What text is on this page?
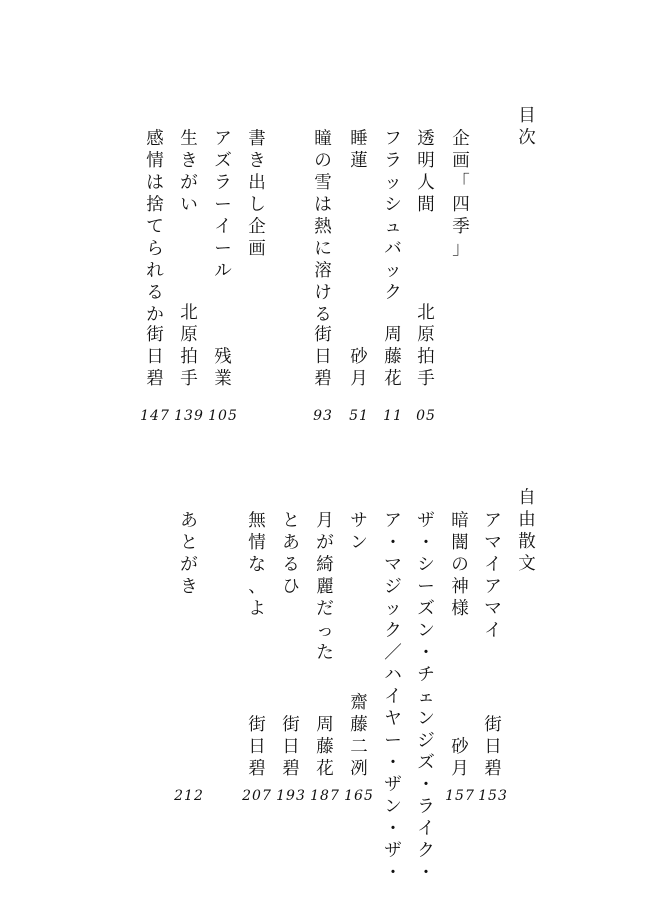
目
次
自
由
散
文
企
画
「
四
季
」
透
明
人
間
北
原
拍
手
05
フ
ラ
ッ
シ
ュ
バ
ッ
ク
周
藤
花
11
睡
蓮
砂
月
51
瞳
の
雪
は
熱
に
溶
け
る
街
日
碧
93
書
き
出
し
企
画
ア
ズ
ラ
ー
イ
ー
ル
残
業
105
生
き
が
い
北
原
拍
手
139
感
情
は
捨
て
ら
れ
る
か
街
日
碧
147
ア
マ
イ
ア
マ
イ
街
日
碧
153
暗
闇
の
神
様
砂
月
157
ザ
・
シ
ー
ズ
ン
・
チ
ェ
ン
ジ
ズ
・
ラ
イ
ク
・
ア
・
マ
ジ
ッ
ク
／
ハ
イ
ヤ
ー
・
ザ
ン
・
ザ
・
サ
ン
齋
藤
二
冽
165
月
が
綺
麗
だ
っ
た
周
藤
花
187
と
あ
る
ひ
街
日
碧
193
無
情
な
、
よ
街
日
碧
207
あ
と
が
き
212
